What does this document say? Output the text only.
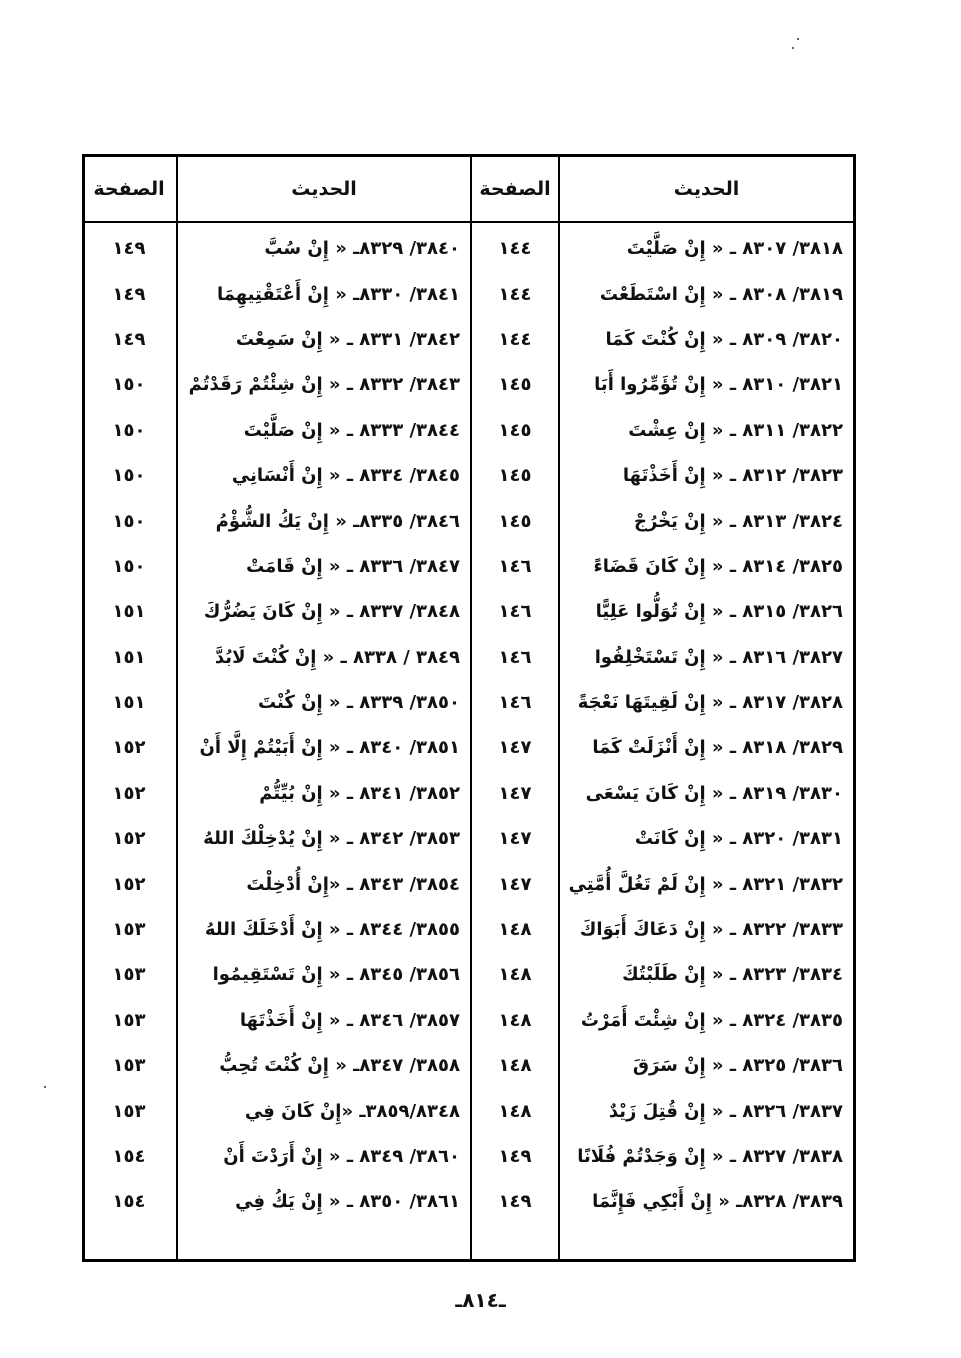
الحديث
الصفحة
الحديث
الصفحة
٣٨١٨/ ٨٣٠٧ ـ « إِنْ صَلَّيْتَ
١٤٤
٣٨٤٠/ ٨٣٢٩ـ « إِنْ سُبَّ
١٤٩
٣٨١٩/ ٨٣٠٨ ـ « إِنْ اسْتَطَعْتَ
١٤٤
٣٨٤١/ ٨٣٣٠ـ « إِنْ أَعْتَقْتِيهِمَا
١٤٩
٣٨٢٠/ ٨٣٠٩ ـ « إِنْ كُنْتَ كَمَا
١٤٤
٣٨٤٢/ ٨٣٣١ ـ « إِنْ سَمِعْتَ
١٤٩
٣٨٢١/ ٨٣١٠ ـ « إِنْ تُؤَمِّرُوا أَبَا
١٤٥
٣٨٤٣/ ٨٣٣٢ ـ « إِنْ شِئْتُمْ رَقَدْتُمْ
١٥٠
٣٨٢٢/ ٨٣١١ ـ « إِنْ عِشْتَ
١٤٥
٣٨٤٤/ ٨٣٣٣ ـ « إِنْ صَلَّيْتَ
١٥٠
٣٨٢٣/ ٨٣١٢ ـ « إِنْ أَخَذْتَهَا
١٤٥
٣٨٤٥/ ٨٣٣٤ ـ « إِنْ أَنْسَانِي
١٥٠
٣٨٢٤/ ٨٣١٣ ـ « إِنْ يَخْرُجْ
١٤٥
٣٨٤٦/ ٨٣٣٥ـ « إِنْ يَكُ الشُّؤْمُ
١٥٠
٣٨٢٥/ ٨٣١٤ ـ « إِنْ كَانَ قَضَاءً
١٤٦
٣٨٤٧/ ٨٣٣٦ ـ « إِنْ قَامَتْ
١٥٠
٣٨٢٦/ ٨٣١٥ ـ « إِنْ تُوَلُّوا عَلِيًّا
١٤٦
٣٨٤٨/ ٨٣٣٧ ـ « إِنْ كَانَ يَضُرُّكَ
١٥١
٣٨٢٧/ ٨٣١٦ ـ « إِنْ تَسْتَخْلِفُوا
١٤٦
٣٨٤٩ / ٨٣٣٨ ـ « إِنْ كُنْتَ لَابُدَّ
١٥١
٣٨٢٨/ ٨٣١٧ ـ « إِنْ لَقِيتَهَا نَعْجَةً
١٤٦
٣٨٥٠/ ٨٣٣٩ ـ « إِنْ كُنْتَ
١٥١
٣٨٢٩/ ٨٣١٨ ـ « إِنْ أَنْزَلَتْ كَمَا
١٤٧
٣٨٥١/ ٨٣٤٠ ـ « إِنْ أَبَيْتُمْ إِلَّا أَنْ
١٥٢
٣٨٣٠/ ٨٣١٩ ـ « إِنْ كَانَ يَسْعَى
١٤٧
٣٨٥٢/ ٨٣٤١ ـ « إِنْ بُيِّتُّمْ
١٥٢
٣٨٣١/ ٨٣٢٠ ـ « إِنْ كَانَتْ
١٤٧
٣٨٥٣/ ٨٣٤٢ ـ « إِنْ يُدْخِلْكَ اللهُ
١٥٢
٣٨٣٢/ ٨٣٢١ ـ « إِنْ لَمْ تَغُلَّ أُمَّتِي
١٤٧
٣٨٥٤/ ٨٣٤٣ ـ «إِنْ أُدْخِلْتَ
١٥٢
٣٨٣٣/ ٨٣٢٢ ـ « إِنْ دَعَاكَ أَبَوَاكَ
١٤٨
٣٨٥٥/ ٨٣٤٤ ـ « إِنْ أَدْخَلَكَ اللهُ
١٥٣
٣٨٣٤/ ٨٣٢٣ ـ « إِنْ طَلَبْتُكَ
١٤٨
٣٨٥٦/ ٨٣٤٥ ـ « إِنْ تَسْتَقِيمُوا
١٥٣
٣٨٣٥/ ٨٣٢٤ ـ « إِنْ شِئْتَ أَمَرْتُ
١٤٨
٣٨٥٧/ ٨٣٤٦ ـ « إِنْ أَخَذْتَهَا
١٥٣
٣٨٣٦/ ٨٣٢٥ ـ « إِنْ سَرَقَ
١٤٨
٣٨٥٨/ ٨٣٤٧ـ « إِنْ كُنْتَ تُحِبُّ
١٥٣
٣٨٣٧/ ٨٣٢٦ ـ « إِنْ قُتِلَ زَيْدٌ
١٤٨
٣٨٥٩/٨٣٤٨ـ «إِنْ كَانَ فِي
١٥٣
٣٨٣٨/ ٨٣٢٧ ـ « إِنْ وَجَدْتُمْ فُلَانًا
١٤٩
٣٨٦٠/ ٨٣٤٩ ـ « إِنْ أَرَدْتَ أَنْ
١٥٤
٣٨٣٩/ ٨٣٢٨ـ « إِنْ أَبْكِي فَإِنَّمَا
١٤٩
٣٨٦١/ ٨٣٥٠ ـ « إِنْ يَكُ فِي
١٥٤
ـ٨١٤ـ
